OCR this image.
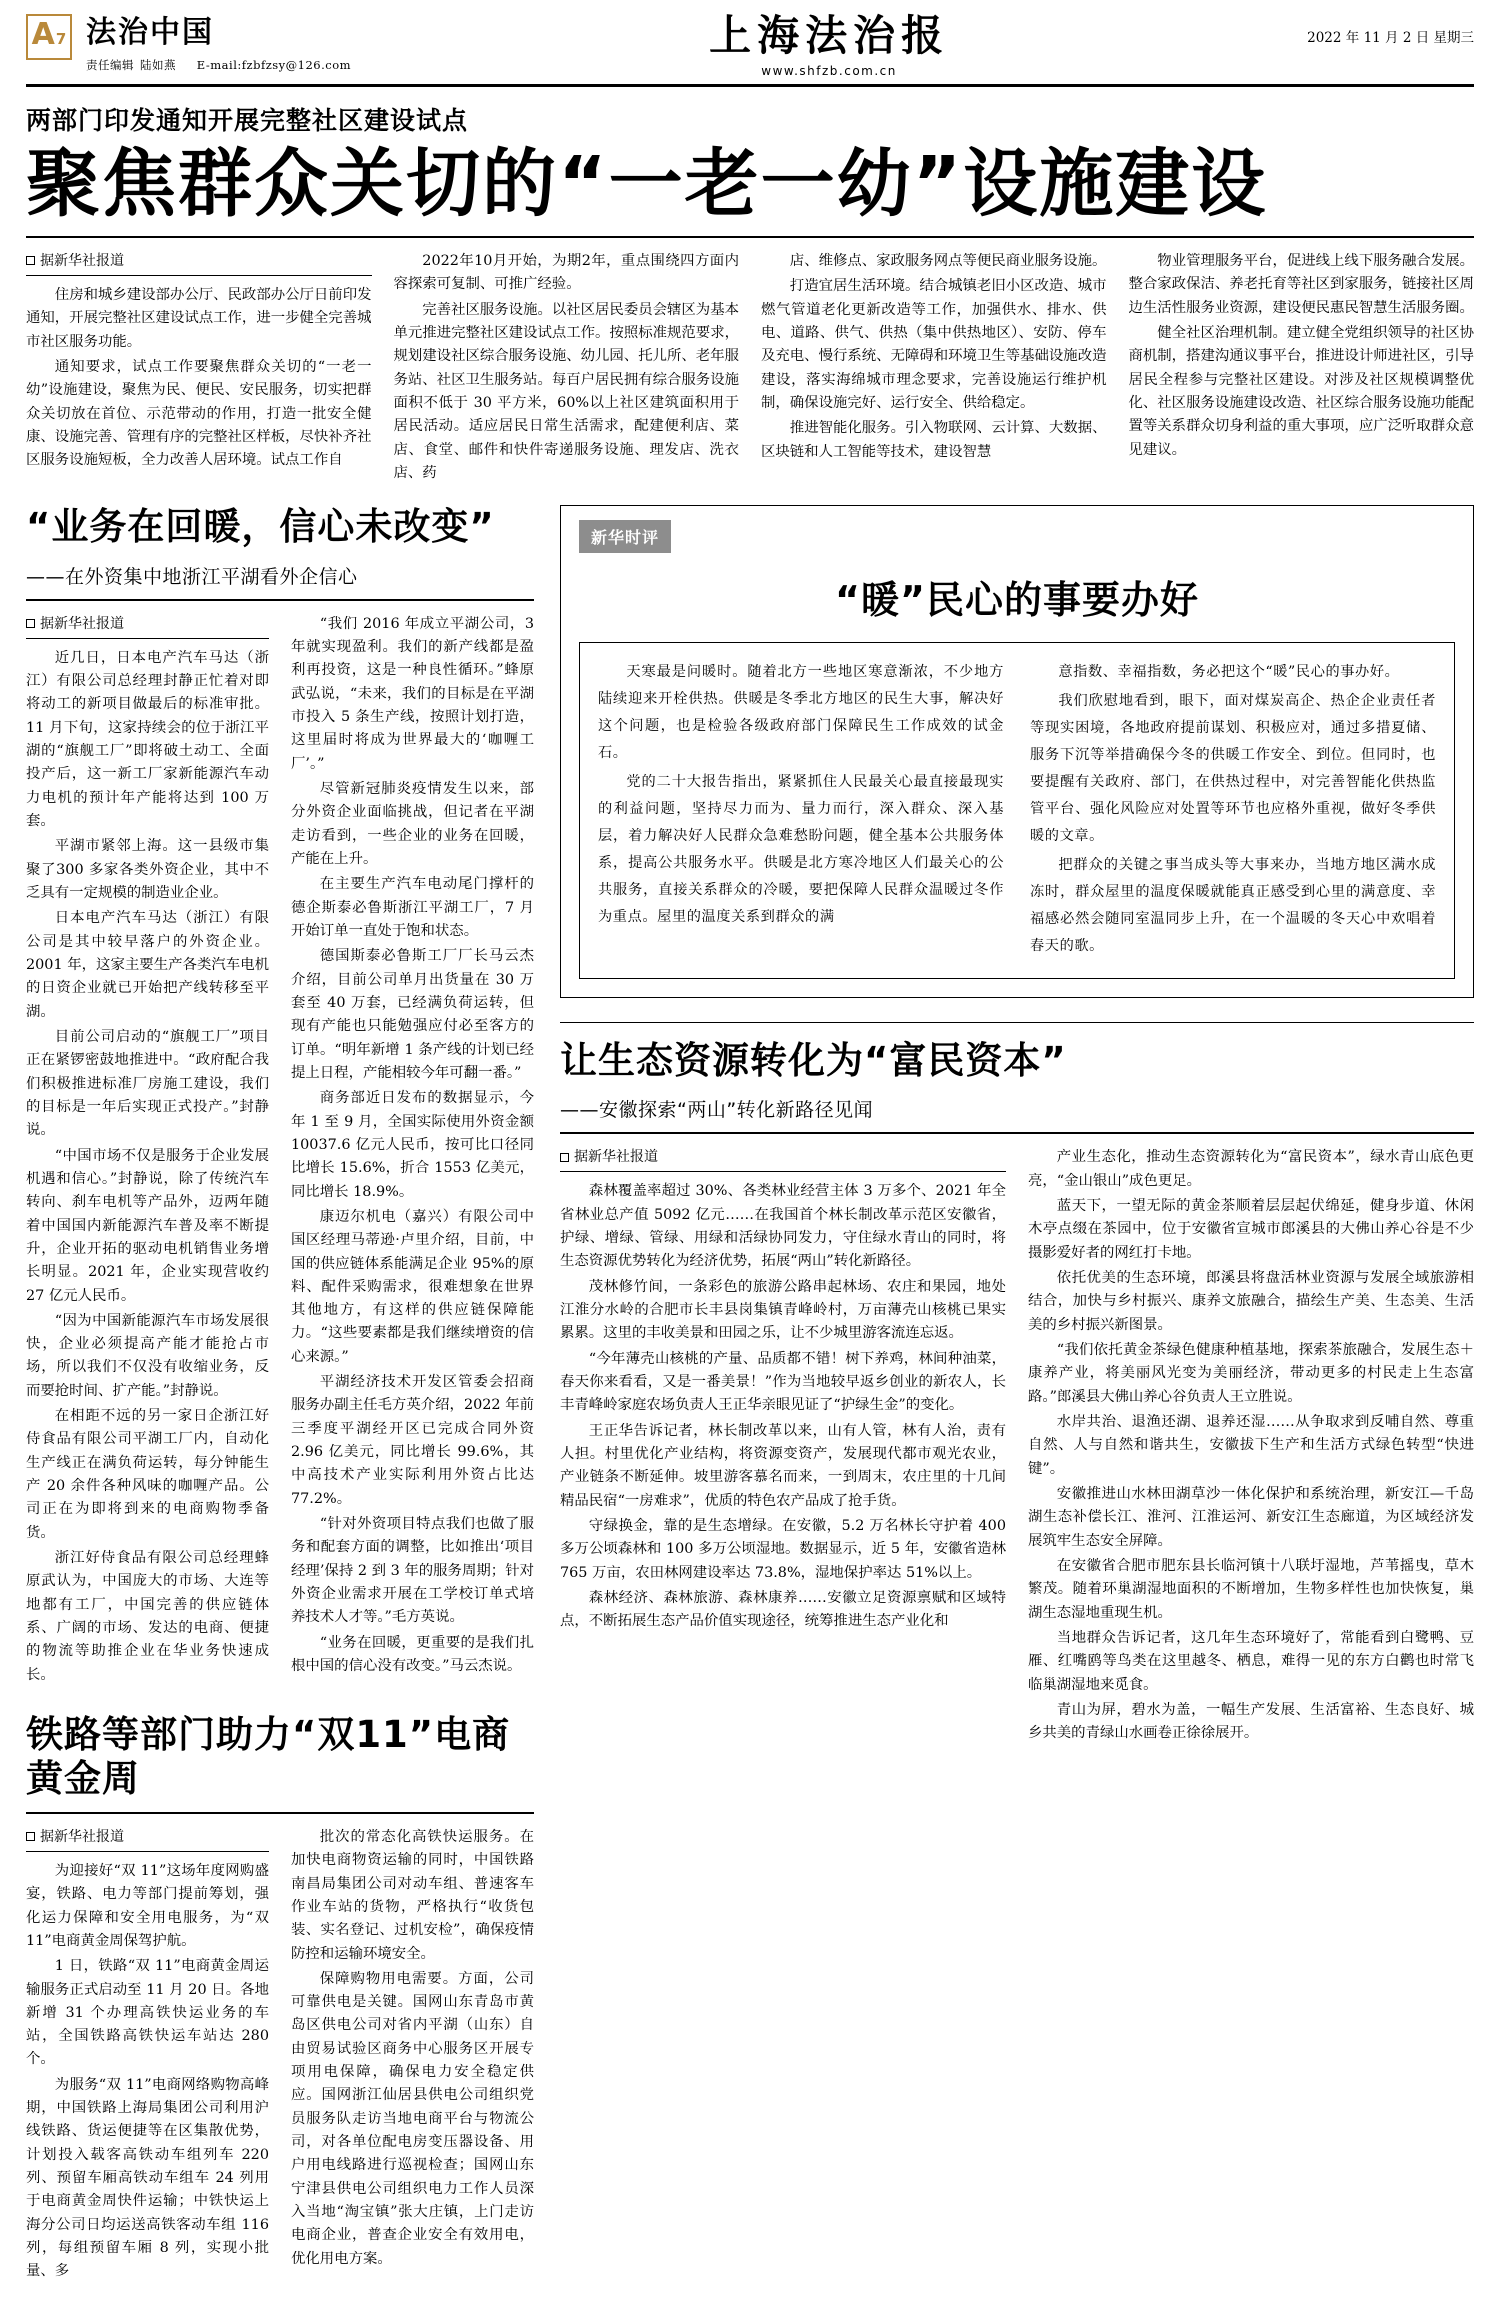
A 7 法治中国
责任编辑 陆如燕 E-mail:fzbfzsy@126.com
上海法治报
www.shfzb.com.cn
2022 年 11 月 2 日 星期三
两部门印发通知开展完整社区建设试点
聚焦群众关切的“一老一幼”设施建设
据新华社报道

住房和城乡建设部办公厅、民政部办公厅日前印发通知，开展完整社区建设试点工作，进一步健全完善城市社区服务功能。

通知要求，试点工作要聚焦群众关切的“一老一幼”设施建设，聚焦为民、便民、安民服务，切实把群众关切放在首位、示范带动的作用，打造一批安全健康、设施完善、管理有序的完整社区样板，尽快补齐社区服务设施短板，全力改善人居环境。试点工作自

2022年10月开始，为期2年，重点围绕四方面内容探索可复制、可推广经验。

完善社区服务设施。以社区居民委员会辖区为基本单元推进完整社区建设试点工作。按照标准规范要求，规划建设社区综合服务设施、幼儿园、托儿所、老年服务站、社区卫生服务站。每百户居民拥有综合服务设施面积不低于 30 平方米，60%以上社区建筑面积用于居民活动。适应居民日常生活需求，配建便利店、菜店、食堂、邮件和快件寄递服务设施、理发店、洗衣店、药

店、维修点、家政服务网点等便民商业服务设施。

打造宜居生活环境。结合城镇老旧小区改造、城市燃气管道老化更新改造等工作，加强供水、排水、供电、道路、供气、供热（集中供热地区）、安防、停车及充电、慢行系统、无障碍和环境卫生等基础设施改造建设，落实海绵城市理念要求，完善设施运行维护机制，确保设施完好、运行安全、供给稳定。

推进智能化服务。引入物联网、云计算、大数据、区块链和人工智能等技术，建设智慧

物业管理服务平台，促进线上线下服务融合发展。整合家政保洁、养老托育等社区到家服务，链接社区周边生活性服务业资源，建设便民惠民智慧生活服务圈。

健全社区治理机制。建立健全党组织领导的社区协商机制，搭建沟通议事平台，推进设计师进社区，引导居民全程参与完整社区建设。对涉及社区规模调整优化、社区服务设施建设改造、社区综合服务设施功能配置等关系群众切身利益的重大事项，应广泛听取群众意见建议。

“业务在回暖，信心未改变”
——在外资集中地浙江平湖看外企信心
据新华社报道

近几日，日本电产汽车马达（浙江）有限公司总经理封静正忙着对即将动工的新项目做最后的标准审批。11 月下旬，这家持续会的位于浙江平湖的“旗舰工厂”即将破土动工、全面投产后，这一新工厂家新能源汽车动力电机的预计年产能将达到 100 万套。

平湖市紧邻上海。这一县级市集聚了300 多家各类外资企业，其中不乏具有一定规模的制造业企业。

日本电产汽车马达（浙江）有限公司是其中较早落户的外资企业。2001 年，这家主要生产各类汽车电机的日资企业就已开始把产线转移至平湖。

目前公司启动的“旗舰工厂”项目正在紧锣密鼓地推进中。“政府配合我们积极推进标准厂房施工建设，我们的目标是一年后实现正式投产。”封静说。

“中国市场不仅是服务于企业发展机遇和信心。”封静说，除了传统汽车转向、刹车电机等产品外，迈两年随着中国国内新能源汽车普及率不断提升，企业开拓的驱动电机销售业务增长明显。2021 年，企业实现营收约 27 亿元人民币。

“因为中国新能源汽车市场发展很快，企业必须提高产能才能抢占市场，所以我们不仅没有收缩业务，反而要抢时间、扩产能。”封静说。

在相距不远的另一家日企浙江好侍食品有限公司平湖工厂内，自动化生产线正在满负荷运转，每分钟能生产 20 余件各种风味的咖喱产品。公司正在为即将到来的电商购物季备货。

浙江好侍食品有限公司总经理蜂原武认为，中国庞大的市场、大连等地都有工厂，中国完善的供应链体系、广阔的市场、发达的电商、便捷的物流等助推企业在华业务快速成长。

“我们 2016 年成立平湖公司，3 年就实现盈利。我们的新产线都是盈利再投资，这是一种良性循环。”蜂原武弘说，“未来，我们的目标是在平湖市投入 5 条生产线，按照计划打造，这里届时将成为世界最大的‘咖喱工厂’。”

尽管新冠肺炎疫情发生以来，部分外资企业面临挑战，但记者在平湖走访看到，一些企业的业务在回暖，产能在上升。

在主要生产汽车电动尾门撑杆的德企斯泰必鲁斯浙江平湖工厂，7 月开始订单一直处于饱和状态。

德国斯泰必鲁斯工厂厂长马云杰介绍，目前公司单月出货量在 30 万套至 40 万套，已经满负荷运转，但现有产能也只能勉强应付必至客方的订单。“明年新增 1 条产线的计划已经提上日程，产能相较今年可翻一番。”

商务部近日发布的数据显示，今年 1 至 9 月，全国实际使用外资金额 10037.6 亿元人民币，按可比口径同比增长 15.6%，折合 1553 亿美元，同比增长 18.9%。

康迈尔机电（嘉兴）有限公司中国区经理马蒂逊·卢里介绍，目前，中国的供应链体系能满足企业 95%的原料、配件采购需求，很难想象在世界其他地方，有这样的供应链保障能力。“这些要素都是我们继续增资的信心来源。”

平湖经济技术开发区管委会招商服务办副主任毛方英介绍，2022 年前三季度平湖经开区已完成合同外资 2.96 亿美元，同比增长 99.6%，其中高技术产业实际利用外资占比达 77.2%。

“针对外资项目特点我们也做了服务和配套方面的调整，比如推出‘项目经理’保持 2 到 3 年的服务周期；针对外资企业需求开展在工学校订单式培养技术人才等。”毛方英说。

“业务在回暖，更重要的是我们扎根中国的信心没有改变。”马云杰说。

铁路等部门助力“双11”电商黄金周
据新华社报道

为迎接好“双 11”这场年度网购盛宴，铁路、电力等部门提前筹划，强化运力保障和安全用电服务，为“双 11”电商黄金周保驾护航。

1 日，铁路“双 11”电商黄金周运输服务正式启动至 11 月 20 日。各地新增 31 个办理高铁快运业务的车站，全国铁路高铁快运车站达 280 个。

为服务“双 11”电商网络购物高峰期，中国铁路上海局集团公司利用沪线铁路、货运便捷等在区集散优势，计划投入载客高铁动车组列车 220 列、预留车厢高铁动车组车 24 列用于电商黄金周快件运输；中铁快运上海分公司日均运送高铁客动车组 116 列，每组预留车厢 8 列，实现小批量、多

批次的常态化高铁快运服务。在加快电商物资运输的同时，中国铁路南昌局集团公司对动车组、普速客车作业车站的货物，严格执行“收货包装、实名登记、过机安检”，确保疫情防控和运输环境安全。

保障购物用电需要。方面，公司可靠供电是关键。国网山东青岛市黄岛区供电公司对省内平湖（山东）自由贸易试验区商务中心服务区开展专项用电保障，确保电力安全稳定供应。国网浙江仙居县供电公司组织党员服务队走访当地电商平台与物流公司，对各单位配电房变压器设备、用户用电线路进行巡视检查；国网山东宁津县供电公司组织电力工作人员深入当地“淘宝镇”张大庄镇，上门走访电商企业，普查企业安全有效用电，优化用电方案。

新华时评
“暖”民心的事要办好

天寒最是问暖时。随着北方一些地区寒意渐浓，不少地方陆续迎来开栓供热。供暖是冬季北方地区的民生大事，解决好这个问题，也是检验各级政府部门保障民生工作成效的试金石。

党的二十大报告指出，紧紧抓住人民最关心最直接最现实的利益问题，坚持尽力而为、量力而行，深入群众、深入基层，着力解决好人民群众急难愁盼问题，健全基本公共服务体系，提高公共服务水平。供暖是北方寒冷地区人们最关心的公共服务，直接关系群众的冷暖，要把保障人民群众温暖过冬作为重点。屋里的温度关系到群众的满

意指数、幸福指数，务必把这个“暖”民心的事办好。

我们欣慰地看到，眼下，面对煤炭高企、热企企业责任者等现实困境，各地政府提前谋划、积极应对，通过多措夏储、服务下沉等举措确保今冬的供暖工作安全、到位。但同时，也要提醒有关政府、部门，在供热过程中，对完善智能化供热监管平台、强化风险应对处置等环节也应格外重视，做好冬季供暖的文章。

把群众的关键之事当成头等大事来办，当地方地区满水成冻时，群众屋里的温度保暖就能真正感受到心里的满意度、幸福感必然会随同室温同步上升，在一个温暖的冬天心中欢唱着春天的歌。

让生态资源转化为“富民资本”
——安徽探索“两山”转化新路径见闻
据新华社报道

森林覆盖率超过 30%、各类林业经营主体 3 万多个、2021 年全省林业总产值 5092 亿元……在我国首个林长制改革示范区安徽省，护绿、增绿、管绿、用绿和活绿协同发力，守住绿水青山的同时，将生态资源优势转化为经济优势，拓展“两山”转化新路径。

茂林修竹间，一条彩色的旅游公路串起林场、农庄和果园，地处江淮分水岭的合肥市长丰县岗集镇青峰岭村，万亩薄壳山核桃已果实累累。这里的丰收美景和田园之乐，让不少城里游客流连忘返。

“今年薄壳山核桃的产量、品质都不错！树下养鸡，林间种油菜，春天你来看看，又是一番美景！”作为当地较早返乡创业的新农人，长丰青峰岭家庭农场负责人王正华亲眼见证了“护绿生金”的变化。

王正华告诉记者，林长制改革以来，山有人管，林有人治，责有人担。村里优化产业结构，将资源变资产，发展现代都市观光农业，产业链条不断延伸。坡里游客慕名而来，一到周末，农庄里的十几间精品民宿“一房难求”，优质的特色农产品成了抢手货。

守绿换金，靠的是生态增绿。在安徽，5.2 万名林长守护着 400 多万公顷森林和 100 多万公顷湿地。数据显示，近 5 年，安徽省造林 765 万亩，农田林网建设率达 73.8%，湿地保护率达 51%以上。

森林经济、森林旅游、森林康养……安徽立足资源禀赋和区域特点，不断拓展生态产品价值实现途径，统筹推进生态产业化和

产业生态化，推动生态资源转化为“富民资本”，绿水青山底色更亮，“金山银山”成色更足。

蓝天下，一望无际的黄金茶顺着层层起伏绵延，健身步道、休闲木亭点缀在茶园中，位于安徽省宣城市郎溪县的大佛山养心谷是不少摄影爱好者的网红打卡地。

依托优美的生态环境，郎溪县将盘活林业资源与发展全域旅游相结合，加快与乡村振兴、康养文旅融合，描绘生产美、生态美、生活美的乡村振兴新图景。

“我们依托黄金茶绿色健康种植基地，探索茶旅融合，发展生态＋康养产业，将美丽风光变为美丽经济，带动更多的村民走上生态富路。”郎溪县大佛山养心谷负责人王立胜说。

水岸共治、退渔还湖、退养还湿……从争取求到反哺自然、尊重自然、人与自然和谐共生，安徽拔下生产和生活方式绿色转型“快进键”。

安徽推进山水林田湖草沙一体化保护和系统治理，新安江—千岛湖生态补偿长江、淮河、江淮运河、新安江生态廊道，为区域经济发展筑牢生态安全屏障。

在安徽省合肥市肥东县长临河镇十八联圩湿地，芦苇摇曳，草木繁茂。随着环巢湖湿地面积的不断增加，生物多样性也加快恢复，巢湖生态湿地重现生机。

当地群众告诉记者，这几年生态环境好了，常能看到白鹭鸭、豆雁、红嘴鸥等鸟类在这里越冬、栖息，难得一见的东方白鹳也时常飞临巢湖湿地来觅食。

青山为屏，碧水为盖，一幅生产发展、生活富裕、生态良好、城乡共美的青绿山水画卷正徐徐展开。
